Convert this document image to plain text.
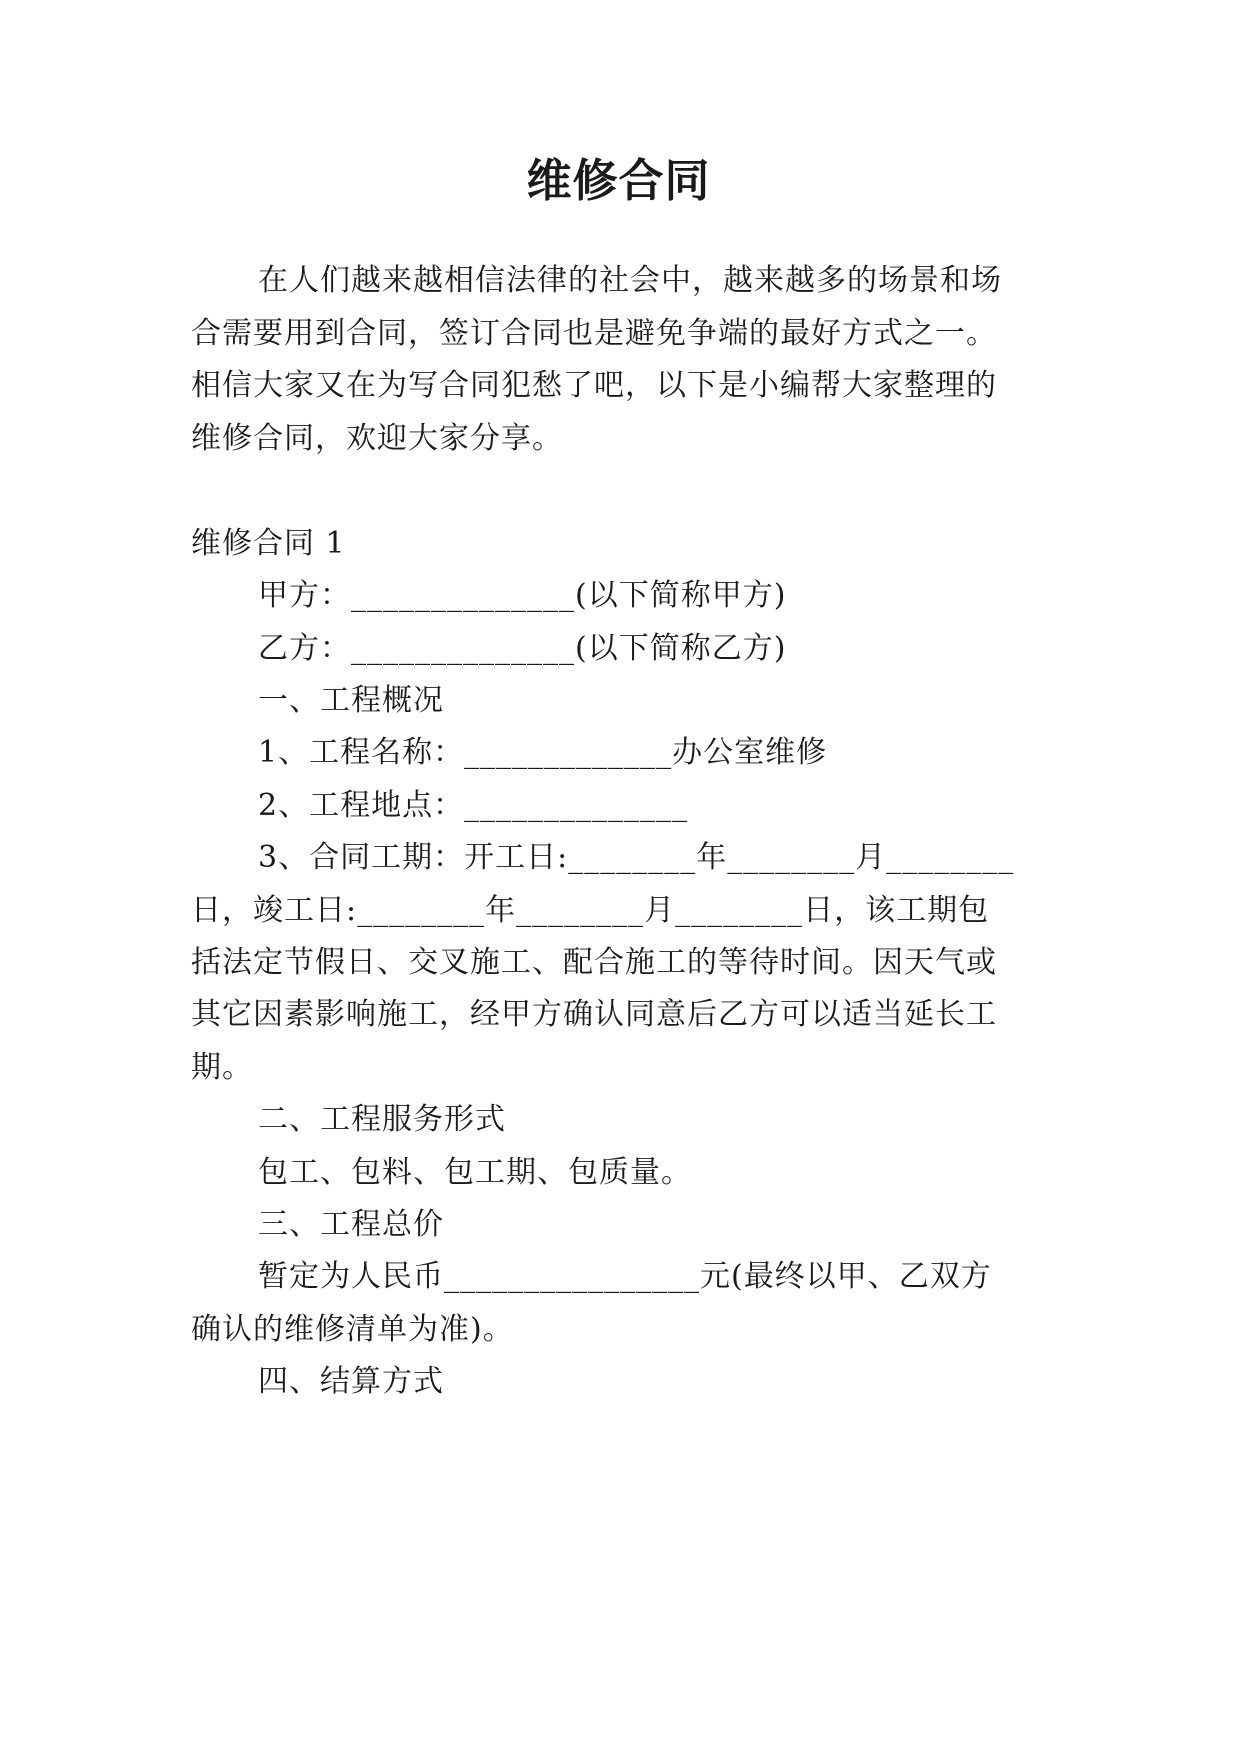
维修合同
在人们越来越相信法律的社会中，越来越多的场景和场
合需要用到合同，签订合同也是避免争端的最好方式之一。
相信大家又在为写合同犯愁了吧，以下是小编帮大家整理的
维修合同，欢迎大家分享。
维修合同 1
甲方：______________(以下简称甲方)
乙方：______________(以下简称乙方)
一、工程概况
1、工程名称：_____________办公室维修
2、工程地点：______________
3、合同工期：开工日:________年________月________
日，竣工日:________年________月________日，该工期包
括法定节假日、交叉施工、配合施工的等待时间。因天气或
其它因素影响施工，经甲方确认同意后乙方可以适当延长工
期。
二、工程服务形式
包工、包料、包工期、包质量。
三、工程总价
暂定为人民币________________元(最终以甲、乙双方
确认的维修清单为准)。
四、结算方式
